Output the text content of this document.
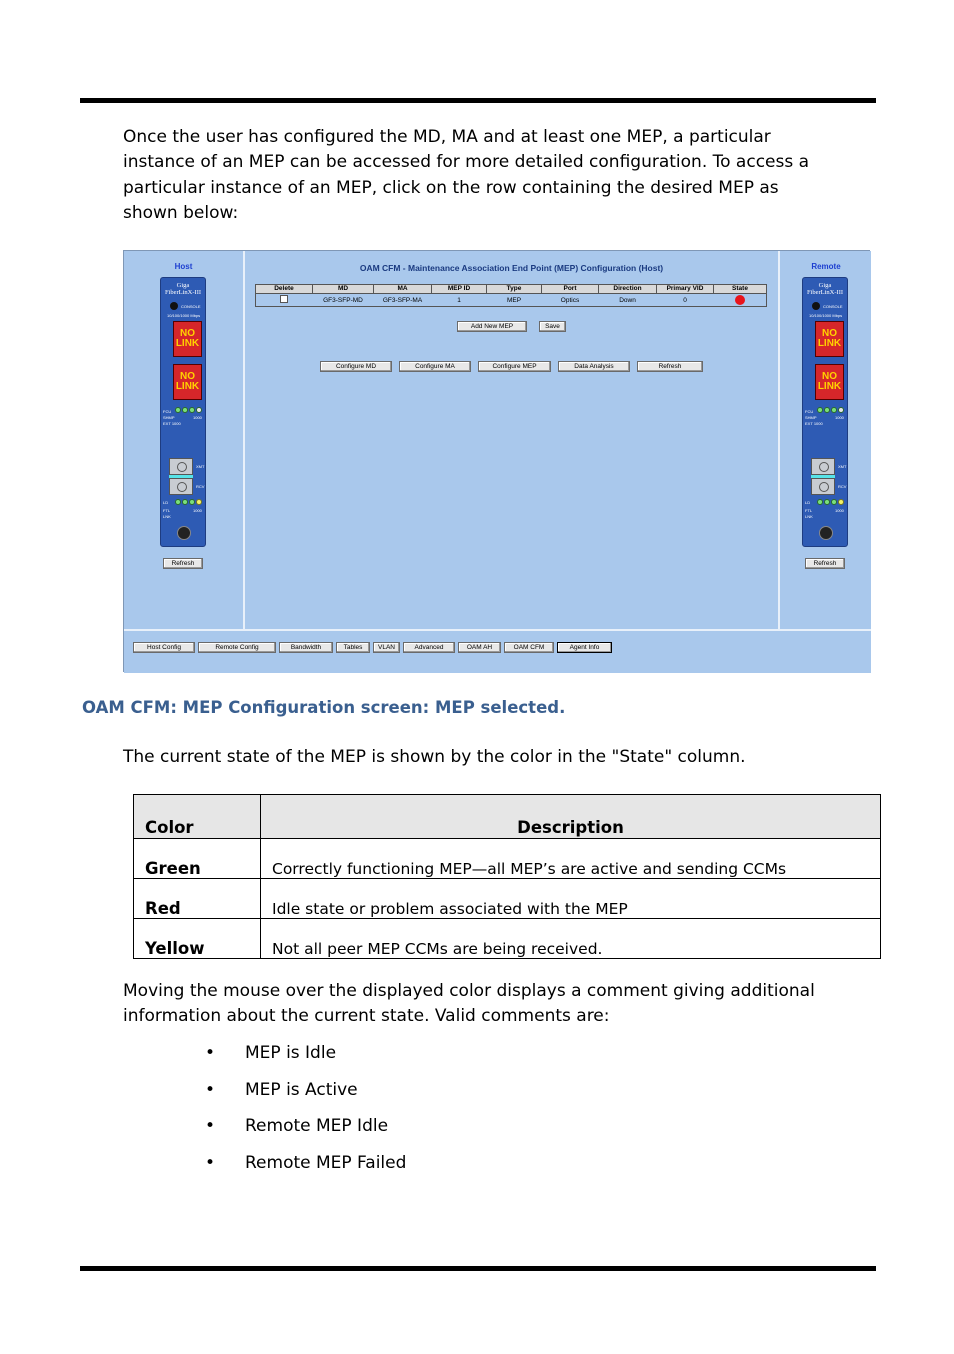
Once the user has configured the MD, MA and at least one MEP, a particular
instance of an MEP can be accessed for more detailed configuration. To access a
particular instance of an MEP, click on the row containing the desired MEP as
shown below:
Host
Giga
FiberLinX-III
CONSOLE
10/100/1000 Mbps
NO
LINK
NO
LINK
FCU
SHMP	1000
EXT 1000
XMT
RCV
LD
FTL	1000
LNK
Refresh
OAM CFM - Maintenance Association End Point (MEP) Configuration (Host)
Delete	MD	MA	MEP ID	Type	Port	Direction	Primary VID	State
	GF3-SFP-MD	GF3-SFP-MA	1	MEP	Optics	Down	0	
Add New MEP	Save
Configure MD	Configure MA	Configure MEP	Data Analysis	Refresh
Remote
Giga
FiberLinX-III
CONSOLE
10/100/1000 Mbps
NO
LINK
NO
LINK
FCU
SHMP	1000
EXT 1000
XMT
RCV
LD
FTL	1000
LNK
Refresh
Host Config	Remote Config	Bandwidth	Tables	VLAN	Advanced	OAM AH	OAM CFM	Agent Info
OAM CFM: MEP Configuration screen: MEP selected.
The current state of the MEP is shown by the color in the "State" column.
Color	Description
Green	Correctly functioning MEP—all MEP’s are active and sending CCMs
Red	Idle state or problem associated with the MEP
Yellow	Not all peer MEP CCMs are being received.
Moving the mouse over the displayed color displays a comment giving additional
information about the current state. Valid comments are:
•	MEP is Idle
•	MEP is Active
•	Remote MEP Idle
•	Remote MEP Failed
